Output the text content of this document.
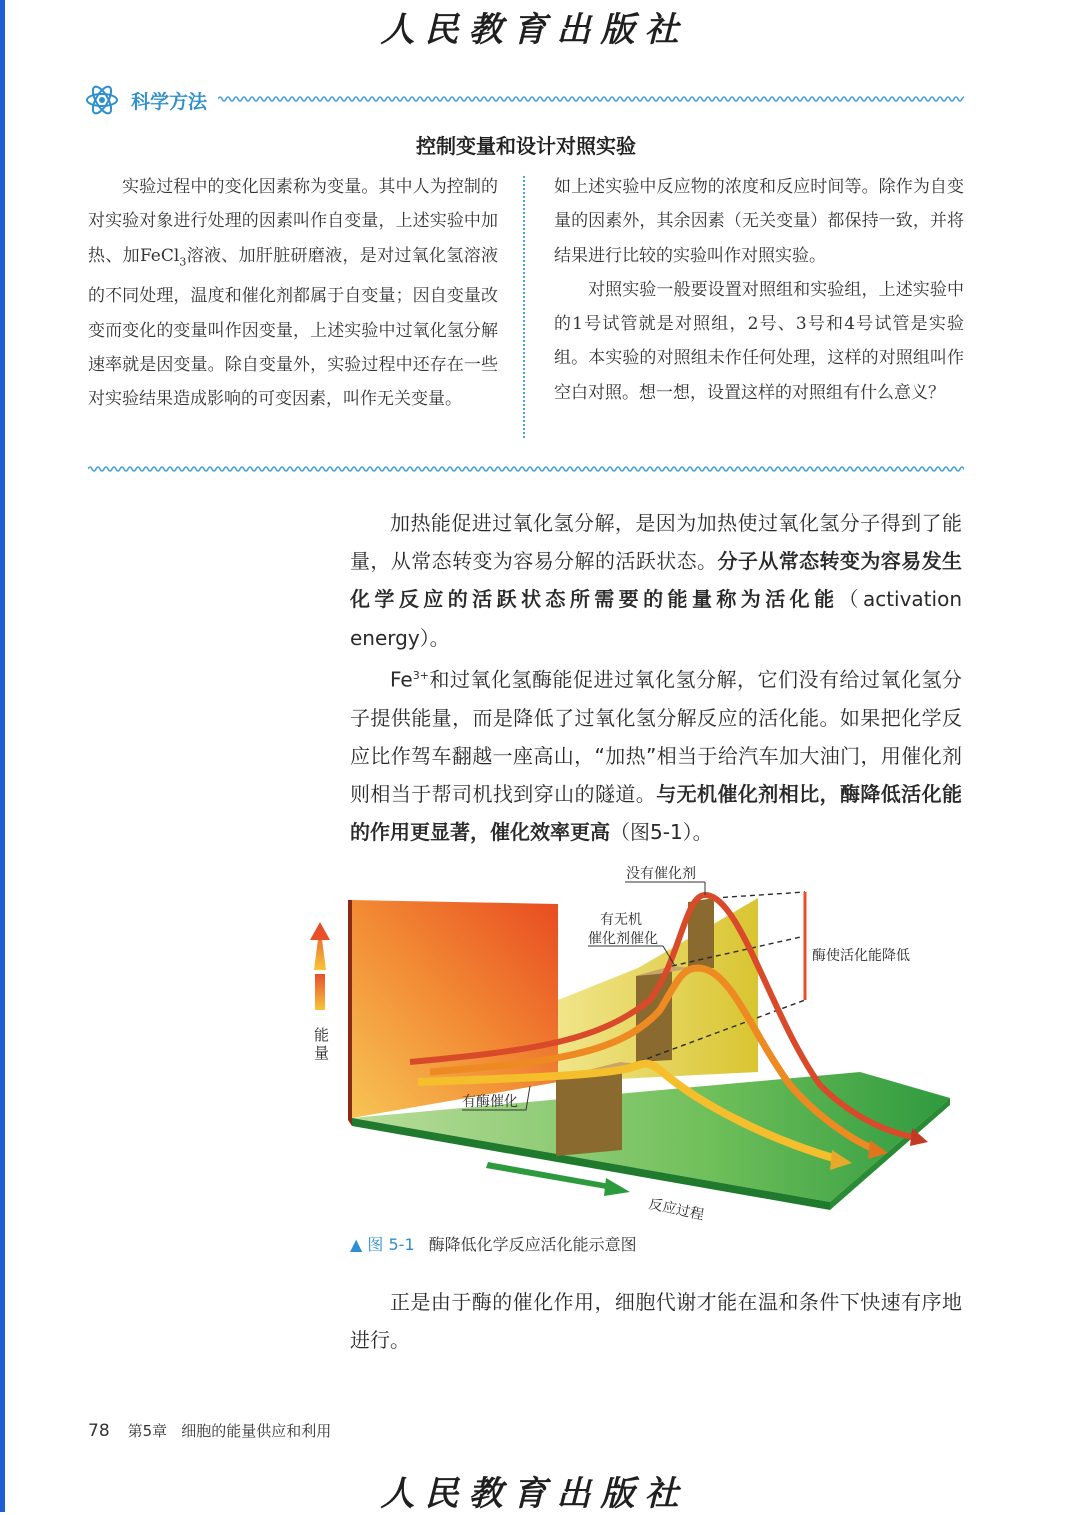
人民教育出版社
科学方法
控制变量和设计对照实验

实验过程中的变化因素称为变量。其中人为控制的对实验对象进行处理的因素叫作自变量，上述实验中加热、加FeCl$_3$溶液、加肝脏研磨液，是对过氧化氢溶液的不同处理，温度和催化剂都属于自变量；因自变量改变而变化的变量叫作因变量，上述实验中过氧化氢分解速率就是因变量。除自变量外，实验过程中还存在一些对实验结果造成影响的可变因素，叫作无关变量。

如上述实验中反应物的浓度和反应时间等。除作为自变量的因素外，其余因素（无关变量）都保持一致，并将结果进行比较的实验叫作对照实验。

对照实验一般要设置对照组和实验组，上述实验中的1号试管就是对照组，2号、3号和4号试管是实验组。本实验的对照组未作任何处理，这样的对照组叫作空白对照。想一想，设置这样的对照组有什么意义？

加热能促进过氧化氢分解，是因为加热使过氧化氢分子得到了能量，从常态转变为容易分解的活跃状态。分子从常态转变为容易发生化学反应的活跃状态所需要的能量称为活化能（activation energy）。

$Fe^{3+}$和过氧化氢酶能促进过氧化氢分解，它们没有给过氧化氢分子提供能量，而是降低了过氧化氢分解反应的活化能。如果把化学反应比作驾车翻越一座高山，“加热”相当于给汽车加大油门，用催化剂则相当于帮司机找到穿山的隧道。与无机催化剂相比，酶降低活化能的作用更显著，催化效率更高（图5-1）。

没有催化剂
有无机
催化剂催化
有酶催化
酶使活化能降低
能
量
反应过程
▲ 图 5-1 酶降低化学反应活化能示意图

正是由于酶的催化作用，细胞代谢才能在温和条件下快速有序地进行。

78 第5章 细胞的能量供应和利用
人民教育出版社
